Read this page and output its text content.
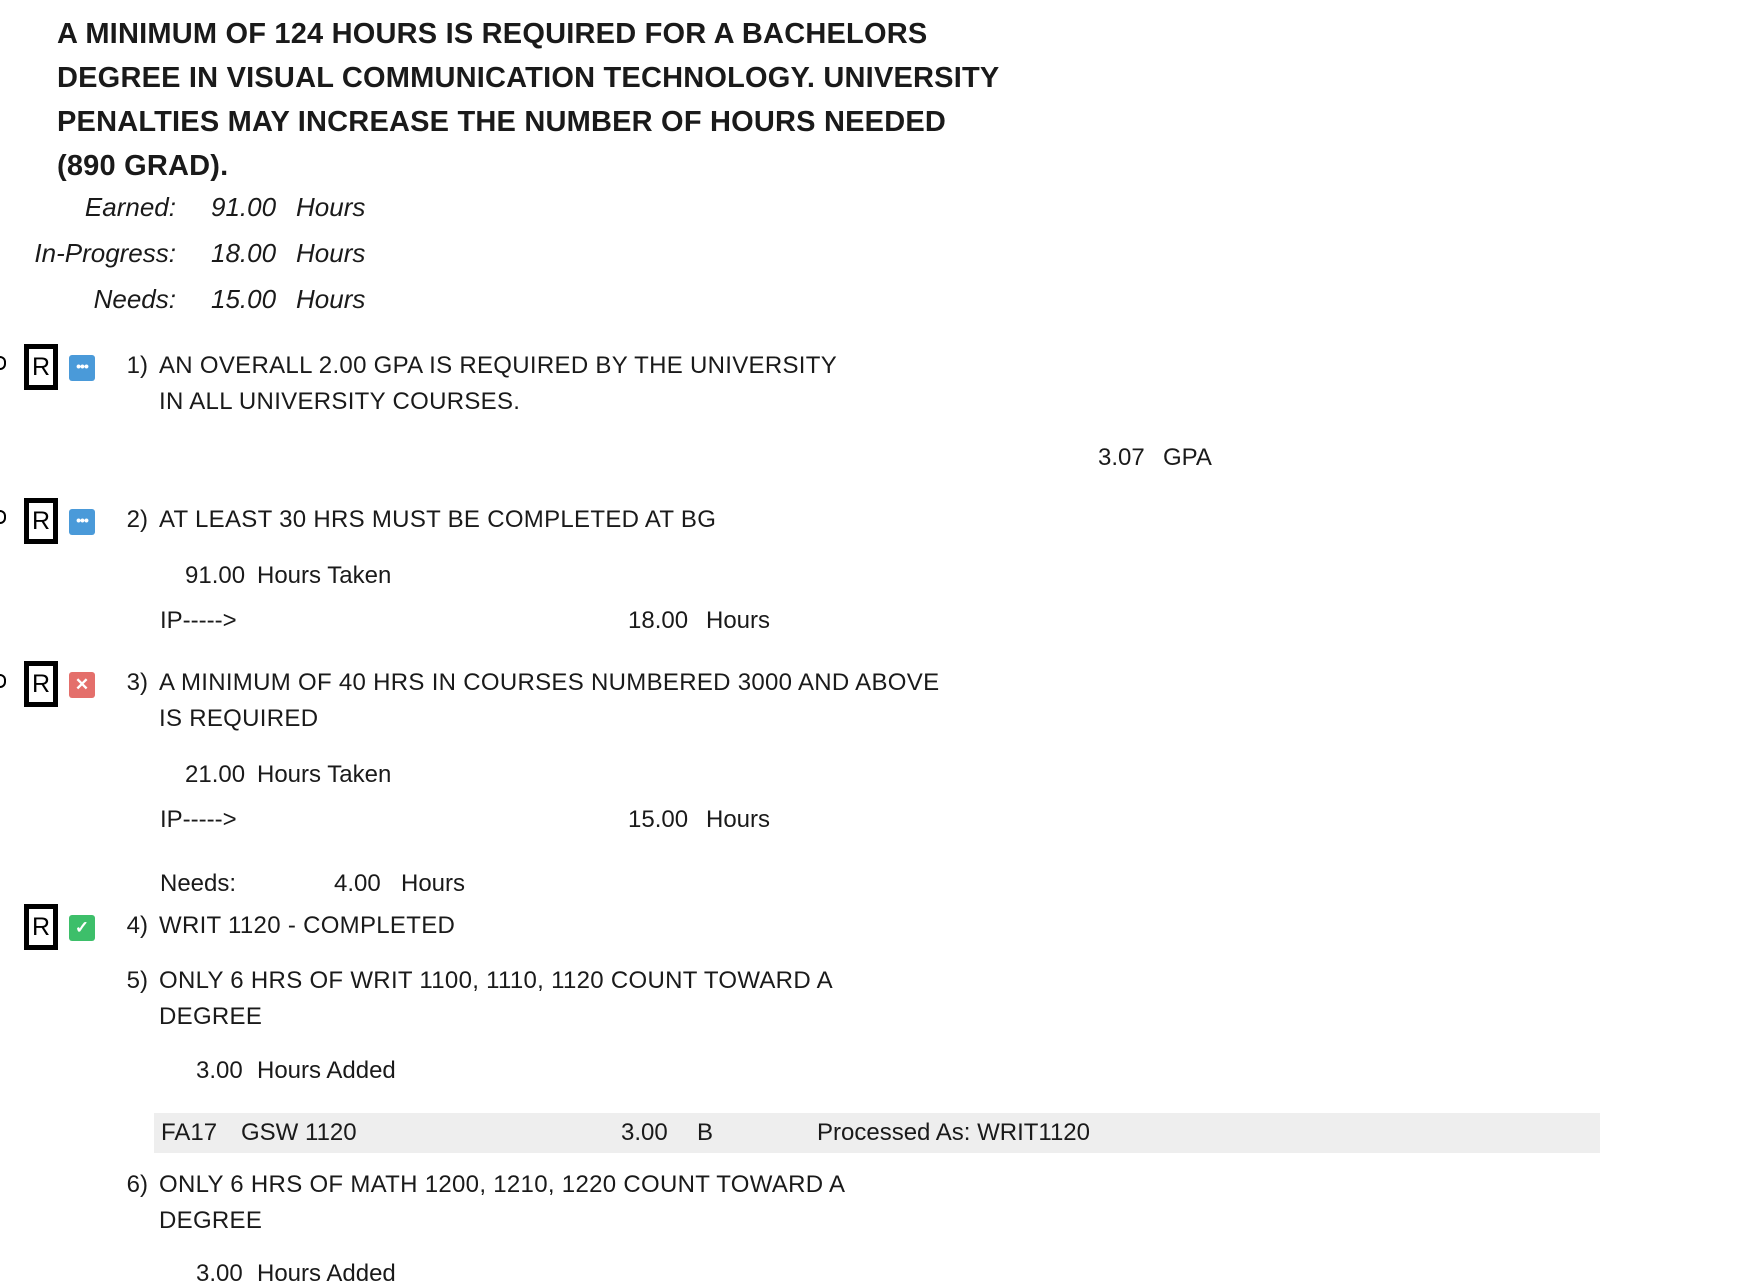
A MINIMUM OF 124 HOURS IS REQUIRED FOR A BACHELORS
DEGREE IN VISUAL COMMUNICATION TECHNOLOGY. UNIVERSITY
PENALTIES MAY INCREASE THE NUMBER OF HOURS NEEDED
(890 GRAD).
Earned: 91.00 Hours
In-Progress: 18.00 Hours
Needs: 15.00 Hours
R	••• 1) AN OVERALL 2.00 GPA IS REQUIRED BY THE UNIVERSITY
IN ALL UNIVERSITY COURSES.
3.07 GPA
R	••• 2) AT LEAST 30 HRS MUST BE COMPLETED AT BG
91.00 Hours Taken
IP----->	18.00 Hours
R	✕ 3) A MINIMUM OF 40 HRS IN COURSES NUMBERED 3000 AND ABOVE
IS REQUIRED
21.00 Hours Taken
IP----->	15.00 Hours
Needs:	4.00 Hours
R	✓ 4) WRIT 1120 - COMPLETED
5) ONLY 6 HRS OF WRIT 1100, 1110, 1120 COUNT TOWARD A
DEGREE
3.00 Hours Added
FA17 GSW 1120	3.00 B	Processed As: WRIT1120
6) ONLY 6 HRS OF MATH 1200, 1210, 1220 COUNT TOWARD A
DEGREE
3.00 Hours Added
